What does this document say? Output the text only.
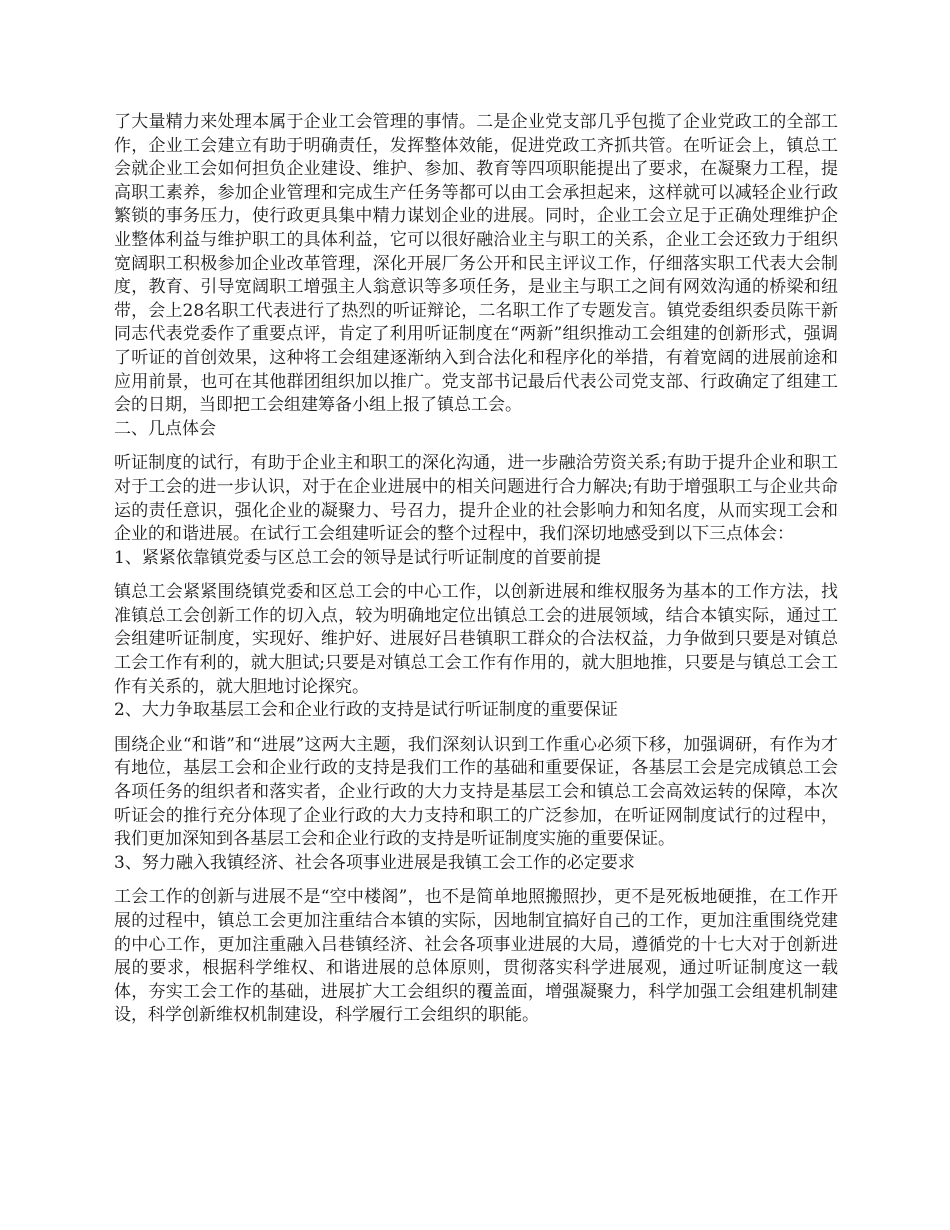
了大量精力来处理本属于企业工会管理的事情。二是企业党支部几乎包揽了企业党政工的全部工作，企业工会建立有助于明确责任，发挥整体效能，促进党政工齐抓共管。在听证会上，镇总工会就企业工会如何担负企业建设、维护、参加、教育等四项职能提出了要求，在凝聚力工程，提高职工素养，参加企业管理和完成生产任务等都可以由工会承担起来，这样就可以减轻企业行政繁锁的事务压力，使行政更具集中精力谋划企业的进展。同时，企业工会立足于正确处理维护企业整体利益与维护职工的具体利益，它可以很好融洽业主与职工的关系，企业工会还致力于组织宽阔职工积极参加企业改革管理，深化开展厂务公开和民主评议工作，仔细落实职工代表大会制度，教育、引导宽阔职工增强主人翁意识等多项任务，是业主与职工之间有网效沟通的桥梁和纽带，会上28名职工代表进行了热烈的听证辩论，二名职工作了专题发言。镇党委组织委员陈干新同志代表党委作了重要点评，肯定了利用听证制度在“两新”组织推动工会组建的创新形式，强调了听证的首创效果，这种将工会组建逐渐纳入到合法化和程序化的举措，有着宽阔的进展前途和应用前景，也可在其他群团组织加以推广。党支部书记最后代表公司党支部、行政确定了组建工会的日期，当即把工会组建筹备小组上报了镇总工会。

二、几点体会

听证制度的试行，有助于企业主和职工的深化沟通，进一步融洽劳资关系;有助于提升企业和职工对于工会的进一步认识，对于在企业进展中的相关问题进行合力解决;有助于增强职工与企业共命运的责任意识，强化企业的凝聚力、号召力，提升企业的社会影响力和知名度，从而实现工会和企业的和谐进展。在试行工会组建听证会的整个过程中，我们深切地感受到以下三点体会：

1、紧紧依靠镇党委与区总工会的领导是试行听证制度的首要前提

镇总工会紧紧围绕镇党委和区总工会的中心工作，以创新进展和维权服务为基本的工作方法，找准镇总工会创新工作的切入点，较为明确地定位出镇总工会的进展领域，结合本镇实际，通过工会组建听证制度，实现好、维护好、进展好吕巷镇职工群众的合法权益，力争做到只要是对镇总工会工作有利的，就大胆试;只要是对镇总工会工作有作用的，就大胆地推，只要是与镇总工会工作有关系的，就大胆地讨论探究。

2、大力争取基层工会和企业行政的支持是试行听证制度的重要保证

围绕企业“和谐”和“进展”这两大主题，我们深刻认识到工作重心必须下移，加强调研，有作为才有地位，基层工会和企业行政的支持是我们工作的基础和重要保证，各基层工会是完成镇总工会各项任务的组织者和落实者，企业行政的大力支持是基层工会和镇总工会高效运转的保障，本次听证会的推行充分体现了企业行政的大力支持和职工的广泛参加，在听证网制度试行的过程中，我们更加深知到各基层工会和企业行政的支持是听证制度实施的重要保证。

3、努力融入我镇经济、社会各项事业进展是我镇工会工作的必定要求

工会工作的创新与进展不是“空中楼阁”，也不是简单地照搬照抄，更不是死板地硬推，在工作开展的过程中，镇总工会更加注重结合本镇的实际，因地制宜搞好自己的工作，更加注重围绕党建的中心工作，更加注重融入吕巷镇经济、社会各项事业进展的大局，遵循党的十七大对于创新进展的要求，根据科学维权、和谐进展的总体原则，贯彻落实科学进展观，通过听证制度这一载体，夯实工会工作的基础，进展扩大工会组织的覆盖面，增强凝聚力，科学加强工会组建机制建设，科学创新维权机制建设，科学履行工会组织的职能。
